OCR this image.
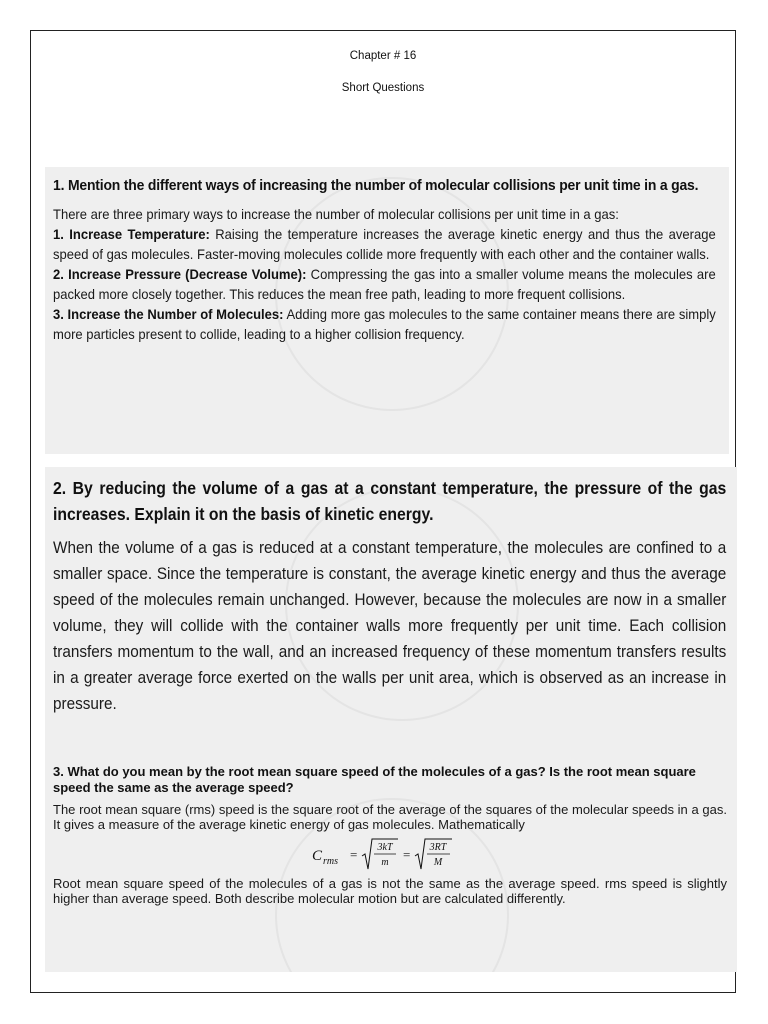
Chapter # 16
Short Questions

1. Mention the different ways of increasing the number of molecular collisions per unit time in a gas.

There are three primary ways to increase the number of molecular collisions per unit time in a gas:
1. Increase Temperature: Raising the temperature increases the average kinetic energy and thus the average speed of gas molecules. Faster-moving molecules collide more frequently with each other and the container walls.
2. Increase Pressure (Decrease Volume): Compressing the gas into a smaller volume means the molecules are packed more closely together. This reduces the mean free path, leading to more frequent collisions.
3. Increase the Number of Molecules: Adding more gas molecules to the same container means there are simply more particles present to collide, leading to a higher collision frequency.

2. By reducing the volume of a gas at a constant temperature, the pressure of the gas increases. Explain it on the basis of kinetic energy.

When the volume of a gas is reduced at a constant temperature, the molecules are confined to a smaller space. Since the temperature is constant, the average kinetic energy and thus the average speed of the molecules remain unchanged. However, because the molecules are now in a smaller volume, they will collide with the container walls more frequently per unit time. Each collision transfers momentum to the wall, and an increased frequency of these momentum transfers results in a greater average force exerted on the walls per unit area, which is observed as an increase in pressure.

3. What do you mean by the root mean square speed of the molecules of a gas? Is the root mean square speed the same as the average speed?

The root mean square (rms) speed is the square root of the average of the squares of the molecular speeds in a gas. It gives a measure of the average kinetic energy of gas molecules. Mathematically

C rms = 3kT
m
= 3RT
M

Root mean square speed of the molecules of a gas is not the same as the average speed. rms speed is slightly higher than average speed. Both describe molecular motion but are calculated differently.
